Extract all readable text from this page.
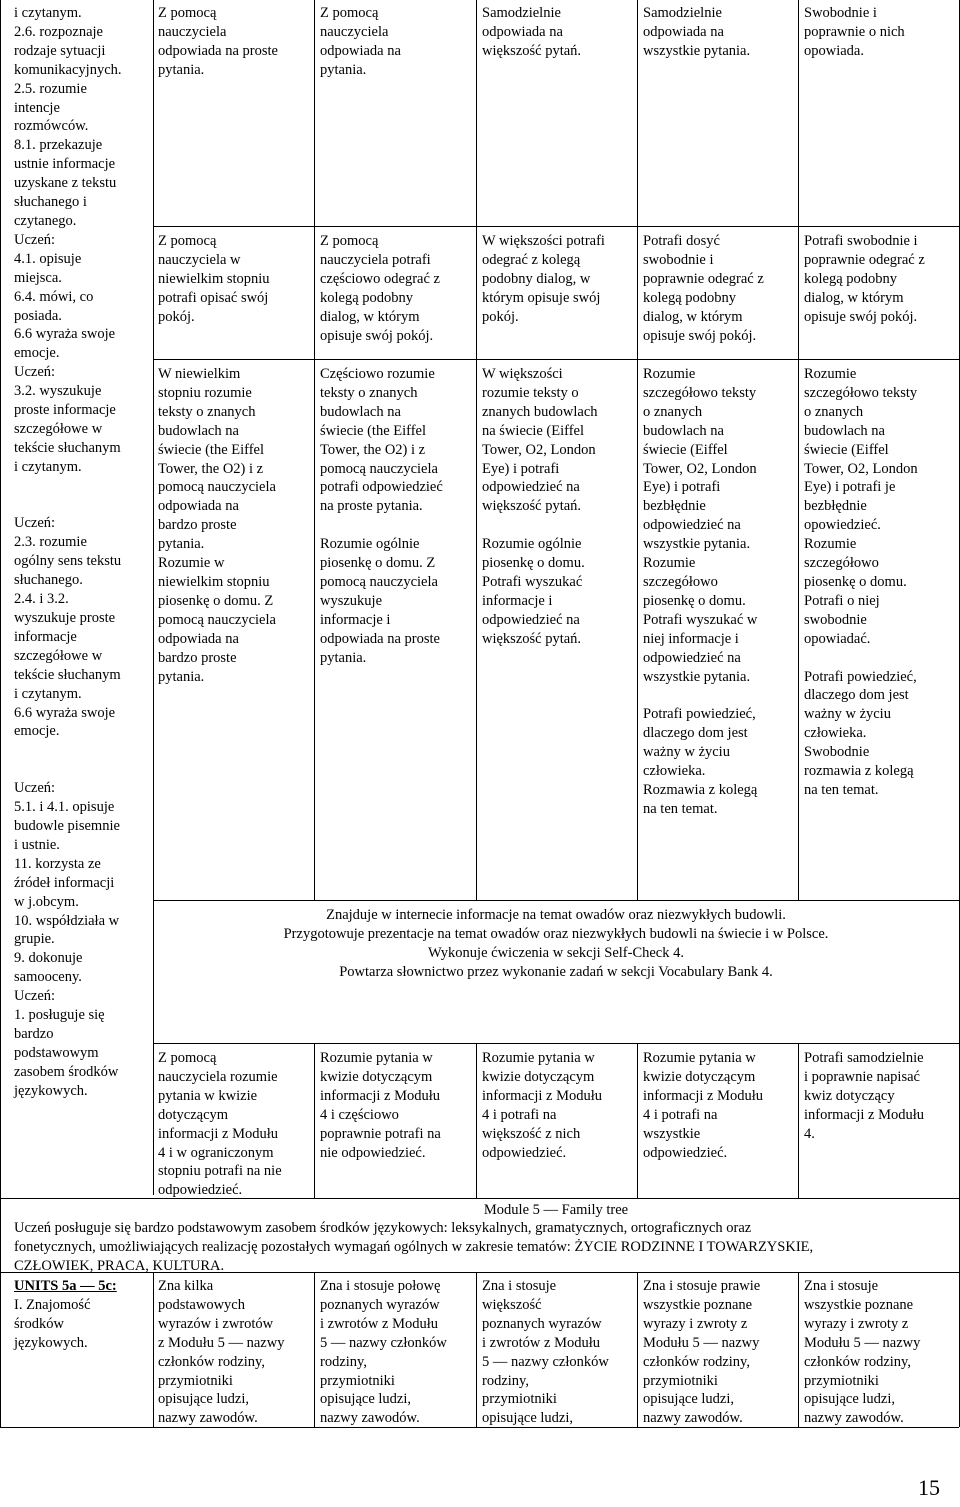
i czytanym.
2.6. rozpoznaje
rodzaje sytuacji
komunikacyjnych.
2.5. rozumie
intencje
rozmówców.
8.1. przekazuje
ustnie informacje
uzyskane z tekstu
słuchanego i
czytanego.
Uczeń:
4.1. opisuje
miejsca.
6.4. mówi, co
posiada.
6.6 wyraża swoje
emocje.
Uczeń:
3.2. wyszukuje
proste informacje
szczegółowe w
tekście słuchanym
i czytanym.

Uczeń:
2.3. rozumie
ogólny sens tekstu
słuchanego.
2.4. i 3.2.
wyszukuje proste
informacje
szczegółowe w
tekście słuchanym
i czytanym.
6.6 wyraża swoje
emocje.

Uczeń:
5.1. i 4.1. opisuje
budowle pisemnie
i ustnie.
11. korzysta ze
źródeł informacji
w j.obcym.
10. współdziała w
grupie.
9. dokonuje
samooceny.
Uczeń:
1. posługuje się
bardzo
podstawowym
zasobem środków
językowych.
Z pomocą
nauczyciela
odpowiada na proste
pytania.
Z pomocą
nauczyciela
odpowiada na
pytania.
Samodzielnie
odpowiada na
większość pytań.
Samodzielnie
odpowiada na
wszystkie pytania.
Swobodnie i
poprawnie o nich
opowiada.
Z pomocą
nauczyciela w
niewielkim stopniu
potrafi opisać swój
pokój.
Z pomocą
nauczyciela potrafi
częściowo odegrać z
kolegą podobny
dialog, w którym
opisuje swój pokój.
W większości potrafi
odegrać z kolegą
podobny dialog, w
którym opisuje swój
pokój.
Potrafi dosyć
swobodnie i
poprawnie odegrać z
kolegą podobny
dialog, w którym
opisuje swój pokój.
Potrafi swobodnie i
poprawnie odegrać z
kolegą podobny
dialog, w którym
opisuje swój pokój.
W niewielkim
stopniu rozumie
teksty o znanych
budowlach na
świecie (the Eiffel
Tower, the O2) i z
pomocą nauczyciela
odpowiada na
bardzo proste
pytania.
Rozumie w
niewielkim stopniu
piosenkę o domu. Z
pomocą nauczyciela
odpowiada na
bardzo proste
pytania.
Częściowo rozumie
teksty o znanych
budowlach na
świecie (the Eiffel
Tower, the O2) i z
pomocą nauczyciela
potrafi odpowiedzieć
na proste pytania.

Rozumie ogólnie
piosenkę o domu. Z
pomocą nauczyciela
wyszukuje
informacje i
odpowiada na proste
pytania.
W większości
rozumie teksty o
znanych budowlach
na świecie (Eiffel
Tower, O2, London
Eye) i potrafi
odpowiedzieć na
większość pytań.

Rozumie ogólnie
piosenkę o domu.
Potrafi wyszukać
informacje i
odpowiedzieć na
większość pytań.
Rozumie
szczegółowo teksty
o znanych
budowlach na
świecie (Eiffel
Tower, O2, London
Eye) i potrafi
bezbłędnie
odpowiedzieć na
wszystkie pytania.
Rozumie
szczegółowo
piosenkę o domu.
Potrafi wyszukać w
niej informacje i
odpowiedzieć na
wszystkie pytania.

Potrafi powiedzieć,
dlaczego dom jest
ważny w życiu
człowieka.
Rozmawia z kolegą
na ten temat.
Rozumie
szczegółowo teksty
o znanych
budowlach na
świecie (Eiffel
Tower, O2, London
Eye) i potrafi je
bezbłędnie
opowiedzieć.
Rozumie
szczegółowo
piosenkę o domu.
Potrafi o niej
swobodnie
opowiadać.

Potrafi powiedzieć,
dlaczego dom jest
ważny w życiu
człowieka.
Swobodnie
rozmawia z kolegą
na ten temat.
Znajduje w internecie informacje na temat owadów oraz niezwykłych budowli.
Przygotowuje prezentacje na temat owadów oraz niezwykłych budowli na świecie i w Polsce.
Wykonuje ćwiczenia w sekcji Self-Check 4.
Powtarza słownictwo przez wykonanie zadań w sekcji Vocabulary Bank 4.
Z pomocą
nauczyciela rozumie
pytania w kwizie
dotyczącym
informacji z Modułu
4 i w ograniczonym
stopniu potrafi na nie
odpowiedzieć.
Rozumie pytania w
kwizie dotyczącym
informacji z Modułu
4 i częściowo
poprawnie potrafi na
nie odpowiedzieć.
Rozumie pytania w
kwizie dotyczącym
informacji z Modułu
4 i potrafi na
większość z nich
odpowiedzieć.
Rozumie pytania w
kwizie dotyczącym
informacji z Modułu
4 i potrafi na
wszystkie
odpowiedzieć.
Potrafi samodzielnie
i poprawnie napisać
kwiz dotyczący
informacji z Modułu
4.
Module 5 — Family tree
Uczeń posługuje się bardzo podstawowym zasobem środków językowych: leksykalnych, gramatycznych, ortograficznych oraz
fonetycznych, umożliwiających realizację pozostałych wymagań ogólnych w zakresie tematów: ŻYCIE RODZINNE I TOWARZYSKIE,
CZŁOWIEK, PRACA, KULTURA.
UNITS 5a — 5c:
I. Znajomość
środków
językowych.
Zna kilka
podstawowych
wyrazów i zwrotów
z Modułu 5 — nazwy
członków rodziny,
przymiotniki
opisujące ludzi,
nazwy zawodów.
Zna i stosuje połowę
poznanych wyrazów
i zwrotów z Modułu
5 — nazwy członków
rodziny,
przymiotniki
opisujące ludzi,
nazwy zawodów.
Zna i stosuje
większość
poznanych wyrazów
i zwrotów z Modułu
5 — nazwy członków
rodziny,
przymiotniki
opisujące ludzi,
Zna i stosuje prawie
wszystkie poznane
wyrazy i zwroty z
Modułu 5 — nazwy
członków rodziny,
przymiotniki
opisujące ludzi,
nazwy zawodów.
Zna i stosuje
wszystkie poznane
wyrazy i zwroty z
Modułu 5 — nazwy
członków rodziny,
przymiotniki
opisujące ludzi,
nazwy zawodów.
15
